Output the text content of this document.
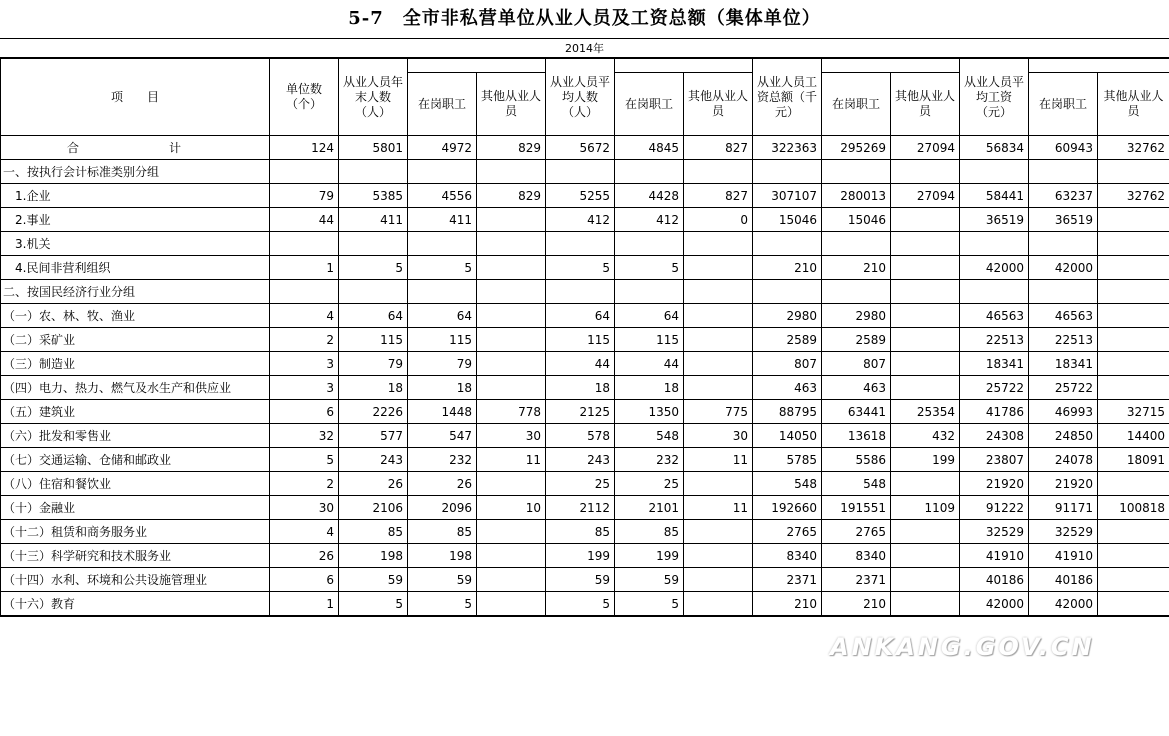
5-7　全市非私营单位从业人员及工资总额（集体单位）
2014年
项　　目	单位数（个）	从业人员年末人数（人）			从业人员平均人数（人）			从业人员工资总额（千元）			从业人员平均工资（元）		
			在岗职工	其他从业人员		在岗职工	其他从业人员		在岗职工	其他从业人员		在岗职工	其他从业人员
合　　计	124	5801	4972	829	5672	4845	827	322363	295269	27094	56834	60943	32762
一、按执行会计标准类别分组													
　1.企业	79	5385	4556	829	5255	4428	827	307107	280013	27094	58441	63237	32762
　2.事业	44	411	411		412	412	0	15046	15046		36519	36519	
　3.机关													
　4.民间非营利组织	1	5	5		5	5		210	210		42000	42000	
二、按国民经济行业分组													
（一）农、林、牧、渔业	4	64	64		64	64		2980	2980		46563	46563	
（二）采矿业	2	115	115		115	115		2589	2589		22513	22513	
（三）制造业	3	79	79		44	44		807	807		18341	18341	
（四）电力、热力、燃气及水生产和供应业	3	18	18		18	18		463	463		25722	25722	
（五）建筑业	6	2226	1448	778	2125	1350	775	88795	63441	25354	41786	46993	32715
（六）批发和零售业	32	577	547	30	578	548	30	14050	13618	432	24308	24850	14400
（七）交通运输、仓储和邮政业	5	243	232	11	243	232	11	5785	5586	199	23807	24078	18091
（八）住宿和餐饮业	2	26	26		25	25		548	548		21920	21920	
（十）金融业	30	2106	2096	10	2112	2101	11	192660	191551	1109	91222	91171	100818
（十二）租赁和商务服务业	4	85	85		85	85		2765	2765		32529	32529	
（十三）科学研究和技术服务业	26	198	198		199	199		8340	8340		41910	41910	
（十四）水利、环境和公共设施管理业	6	59	59		59	59		2371	2371		40186	40186	
（十六）教育	1	5	5		5	5		210	210		42000	42000	
ANKANG.GOV.CN
